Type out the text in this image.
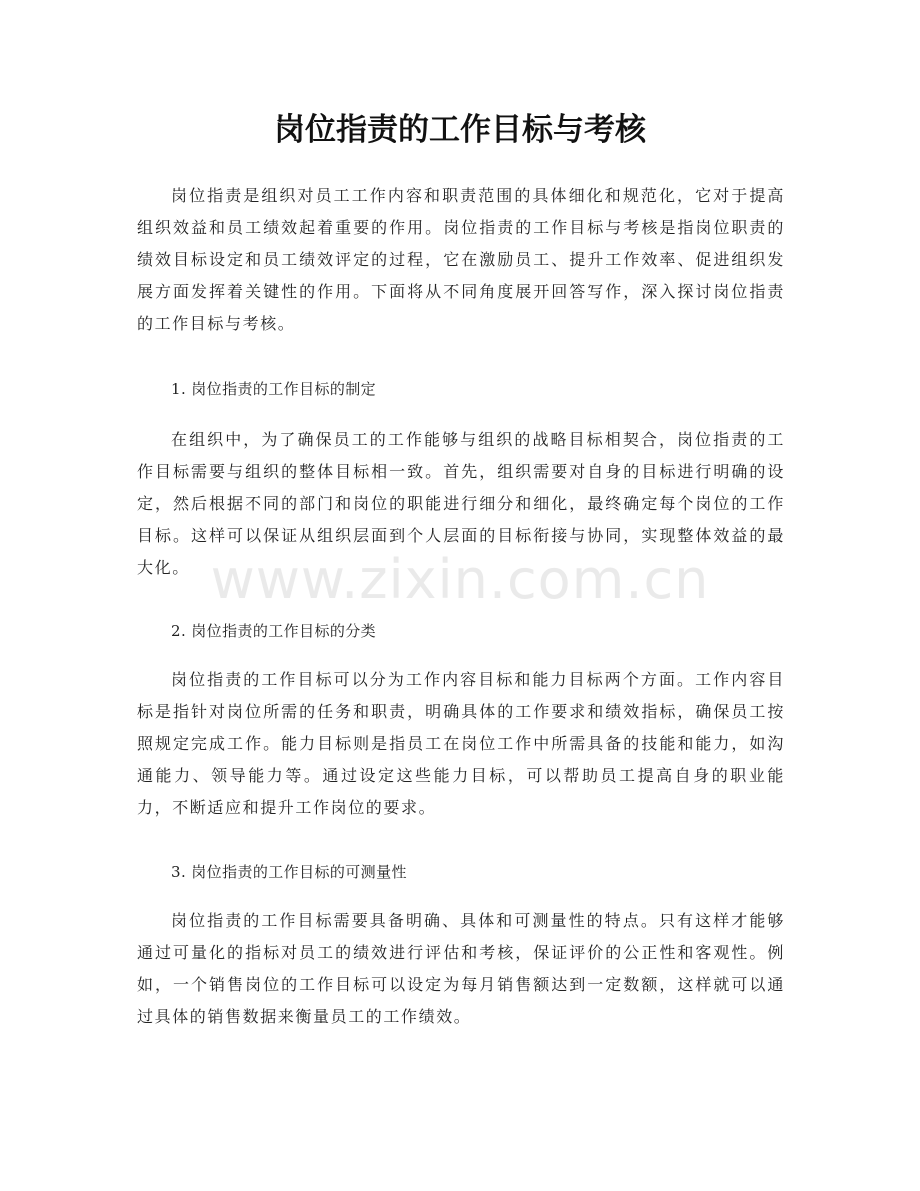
岗位指责的工作目标与考核

岗位指责是组织对员工工作内容和职责范围的具体细化和规范化，它对于提高组织效益和员工绩效起着重要的作用。岗位指责的工作目标与考核是指岗位职责的绩效目标设定和员工绩效评定的过程，它在激励员工、提升工作效率、促进组织发展方面发挥着关键性的作用。下面将从不同角度展开回答写作，深入探讨岗位指责的工作目标与考核。

1. 岗位指责的工作目标的制定

在组织中，为了确保员工的工作能够与组织的战略目标相契合，岗位指责的工作目标需要与组织的整体目标相一致。首先，组织需要对自身的目标进行明确的设定，然后根据不同的部门和岗位的职能进行细分和细化，最终确定每个岗位的工作目标。这样可以保证从组织层面到个人层面的目标衔接与协同，实现整体效益的最大化。

2. 岗位指责的工作目标的分类

岗位指责的工作目标可以分为工作内容目标和能力目标两个方面。工作内容目标是指针对岗位所需的任务和职责，明确具体的工作要求和绩效指标，确保员工按照规定完成工作。能力目标则是指员工在岗位工作中所需具备的技能和能力，如沟通能力、领导能力等。通过设定这些能力目标，可以帮助员工提高自身的职业能力，不断适应和提升工作岗位的要求。

3. 岗位指责的工作目标的可测量性

岗位指责的工作目标需要具备明确、具体和可测量性的特点。只有这样才能够通过可量化的指标对员工的绩效进行评估和考核，保证评价的公正性和客观性。例如，一个销售岗位的工作目标可以设定为每月销售额达到一定数额，这样就可以通过具体的销售数据来衡量员工的工作绩效。

www.zixin.com.cn
